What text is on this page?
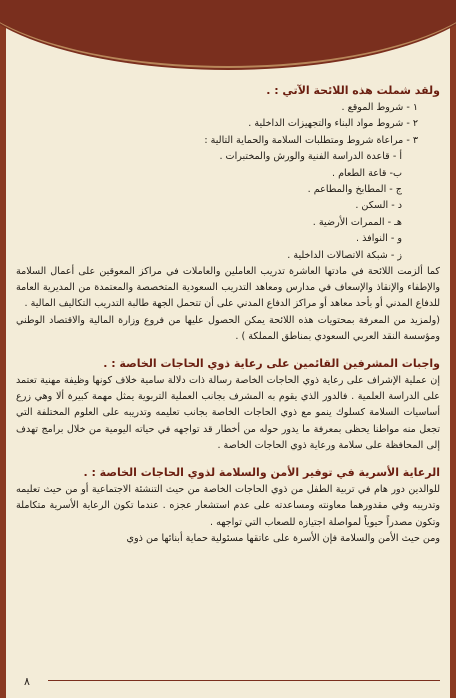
ولقد شملت هذه اللائحة الآتي : .

١ - شروط الموقع .

٢ - شروط مواد البناء والتجهيزات الداخلية .

٣ - مراعاة شروط ومتطلبات السلامة والحماية التالية :

أ - قاعدة الدراسة الفنية والورش والمختبرات .

ب- قاعة الطعام .

ج - المطابخ والمطاعم .

د - السكن .

هـ - الممرات الأرضية .

و - النوافذ .

ز - شبكة الاتصالات الداخلية .

كما ألزمت اللائحة في مادتها العاشرة تدريب العاملين والعاملات في مراكز المعوقين على أعمال السلامة والإطفاء والإنقاذ والإسعاف في مدارس ومعاهد التدريب السعودية المتخصصة والمعتمدة من المديرية العامة للدفاع المدني أو بأحد معاهد أو مراكز الدفاع المدني على أن تتحمل الجهة طالبة التدريب التكاليف المالية .

(ولمزيد من المعرفة بمحتويات هذه اللائحة يمكن الحصول عليها من فروع وزارة المالية والاقتصاد الوطني ومؤسسة النقد العربي السعودي بمناطق المملكة ) .

واجبات المشرفين القائمين على رعاية ذوي الحاجات الخاصة : .

إن عملية الإشراف على رعاية ذوي الحاجات الخاصة رسالة ذات دلالة سامية خلاف كونها وظيفة مهنية تعتمد على الدراسة العلمية . فالدور الذي يقوم به المشرف بجانب العملية التربوية يمثل مهمة كبيرة ألا وهي زرع أساسيات السلامة كسلوك ينمو مع ذوي الحاجات الخاصة بجانب تعليمه وتدريبه على العلوم المختلفة التي تجعل منه مواطنا يحظى بمعرفة ما يدور حوله من أخطار قد تواجهه في حياته اليومية من خلال برامج تهدف إلى المحافظة على سلامة ورعاية ذوي الحاجات الخاصة .

الرعاية الأسرية في توفير الأمن والسلامة لذوي الحاجات الخاصة : .

للوالدين دور هام في تربية الطفل من ذوي الحاجات الخاصة من حيث التنشئة الاجتماعية أو من حيث تعليمه وتدريبه وفي مقدورهما معاونته ومساعدته على عدم استشعار عجزه . عندما تكون الرعاية الأسرية متكاملة وتكون مصدراً حيوياً لمواصلة اجتيازه للصعاب التي تواجهه .

ومن حيث الأمن والسلامة فإن الأسرة على عاتقها مسئولية حماية أبنائها من ذوي

٨
